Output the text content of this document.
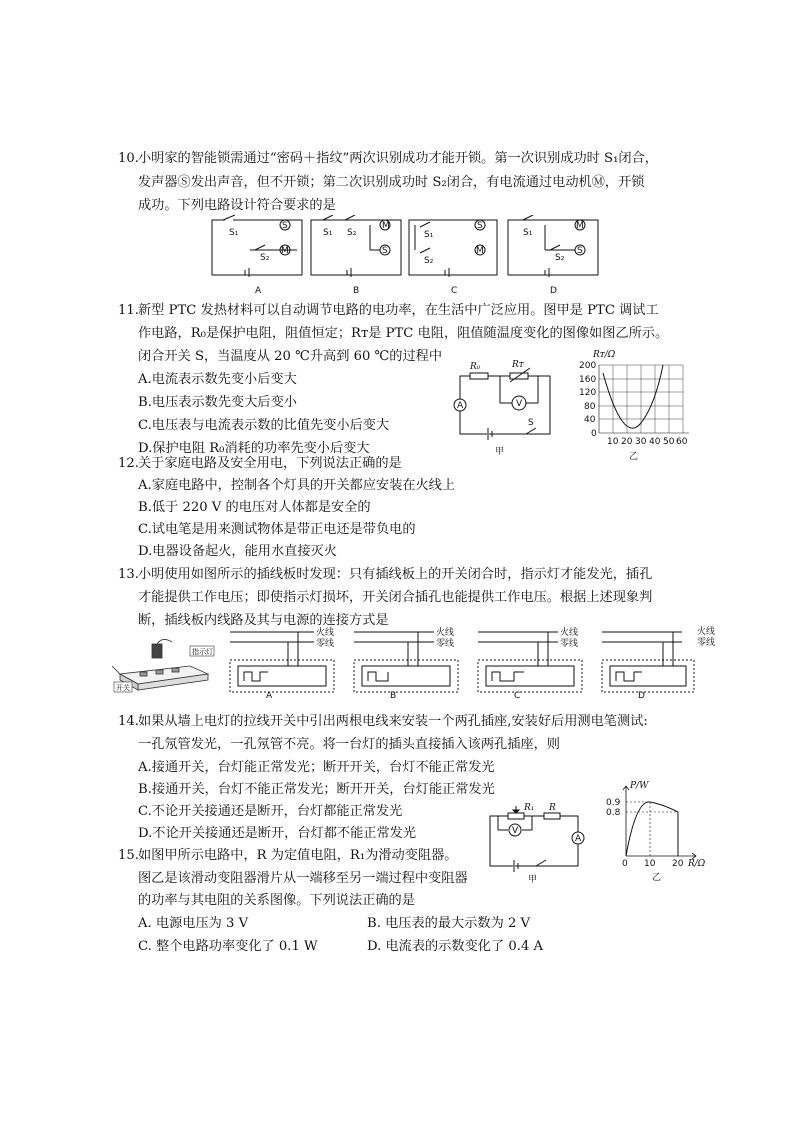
10. 小明家的智能锁需通过“密码＋指纹”两次识别成功才能开锁。第一次识别成功时 S₁闭合，
发声器Ⓢ发出声音，但不开锁；第二次识别成功时 S₂闭合，有电流通过电动机Ⓜ，开锁
成功。下列电路设计符合要求的是
A	B	C	D
S₁
S₂
S
M
S₁ S₂
M
S
S₁
S₂
S
M
S₁
S₂
M
S
11. 新型 PTC 发热材料可以自动调节电路的电功率，在生活中广泛应用。图甲是 PTC 调试工
作电路，R₀是保护电阻，阻值恒定；Rᴛ是 PTC 电阻，阻值随温度变化的图像如图乙所示。
闭合开关 S，当温度从 20 ℃升高到 60 ℃的过程中
A.电流表示数先变小后变大
B.电压表示数先变大后变小
C.电压表与电流表示数的比值先变小后变大
D.保护电阻 R₀消耗的功率先变小后变大
R₀	Rᴛ
A	V
S
甲
Rᴛ/Ω
200
160
120
80
40
0
10 20 30 40 50 60
乙
12. 关于家庭电路及安全用电，下列说法正确的是
A.家庭电路中，控制各个灯具的开关都应安装在火线上
B.低于 220 V 的电压对人体都是安全的
C.试电笔是用来测试物体是带正电还是带负电的
D.电器设备起火，能用水直接灭火
13. 小明使用如图所示的插线板时发现：只有插线板上的开关闭合时，指示灯才能发光，插孔
才能提供工作电压；即使指示灯损坏，开关闭合插孔也能提供工作电压。根据上述现象判
断，插线板内线路及其与电源的连接方式是
指示灯
开关
火线
零线
火线
零线
火线
零线
A	B	C	D
火线
零线
14. 如果从墙上电灯的拉线开关中引出两根电线来安装一个两孔插座,安装好后用测电笔测试:
一孔氖管发光，一孔氖管不亮。将一台灯的插头直接插入该两孔插座，则
A.接通开关，台灯能正常发光；断开开关，台灯不能正常发光
B.接通开关，台灯不能正常发光；断开开关，台灯能正常发光
C.不论开关接通还是断开，台灯都能正常发光
D.不论开关接通还是断开，台灯都不能正常发光
15. 如图甲所示电路中，R 为定值电阻，R₁为滑动变阻器。
图乙是该滑动变阻器滑片从一端移至另一端过程中变阻器
的功率与其电阻的关系图像。下列说法正确的是
A. 电源电压为 3 V	B. 电压表的最大示数为 2 V
C. 整个电路功率变化了 0.1 W	D. 电流表的示数变化了 0.4 A
R₁ R
V
A
甲
P/W
0.9
0.8
0 10 20 R/Ω
乙
